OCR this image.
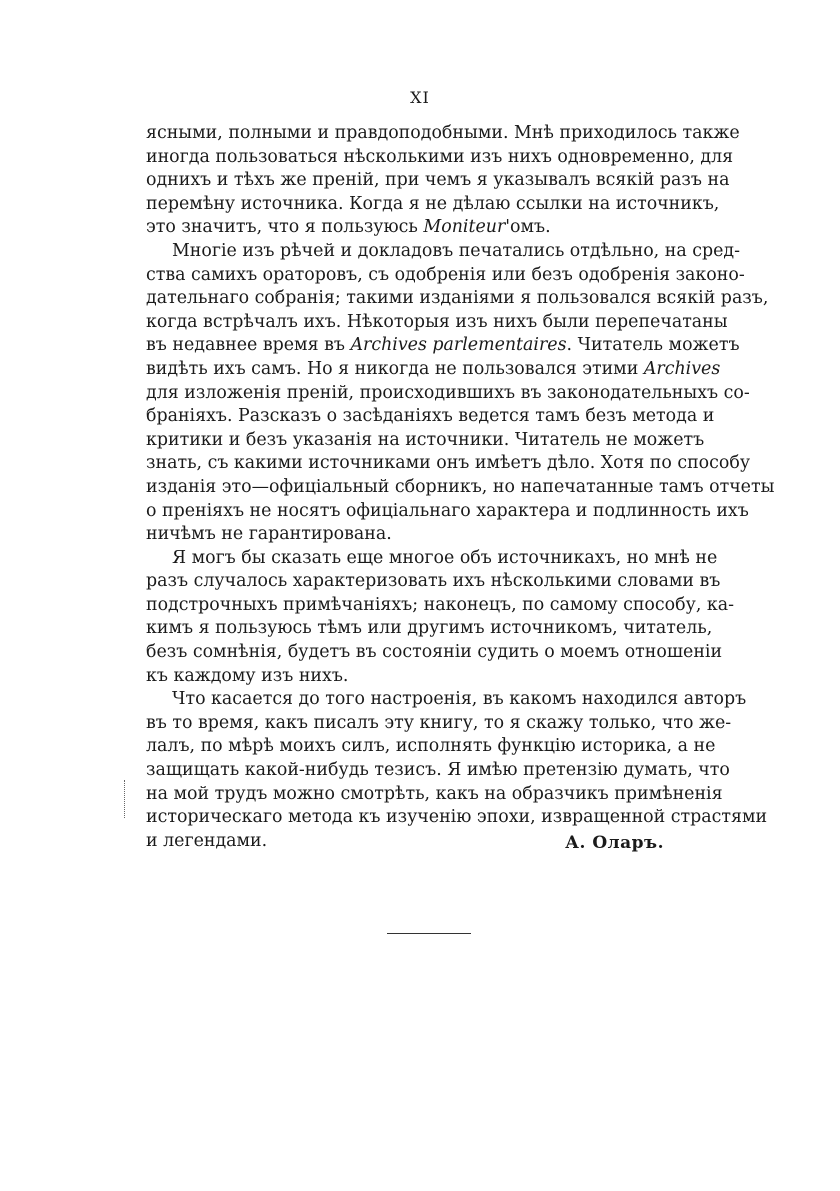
XI
ясными, полными и правдоподобными. Мнѣ приходилось также
иногда пользоваться нѣсколькими изъ нихъ одновременно, для
однихъ и тѣхъ же преній, при чемъ я указывалъ всякій разъ на
перемѣну источника. Когда я не дѣлаю ссылки на источникъ,
это значитъ, что я пользуюсь Moniteur'омъ.
Многіе изъ рѣчей и докладовъ печатались отдѣльно, на сред-
ства самихъ ораторовъ, съ одобренія или безъ одобренія законо-
дательнаго собранія; такими изданіями я пользовался всякій разъ,
когда встрѣчалъ ихъ. Нѣкоторыя изъ нихъ были перепечатаны
въ недавнее время въ Archives parlementaires. Читатель можетъ
видѣть ихъ самъ. Но я никогда не пользовался этими Archives
для изложенія преній, происходившихъ въ законодательныхъ со-
браніяхъ. Разсказъ о засѣданіяхъ ведется тамъ безъ метода и
критики и безъ указанія на источники. Читатель не можетъ
знать, съ какими источниками онъ имѣетъ дѣло. Хотя по способу
изданія это—офиціальный сборникъ, но напечатанные тамъ отчеты
о преніяхъ не носятъ офиціальнаго характера и подлинность ихъ
ничѣмъ не гарантирована.
Я могъ бы сказать еще многое объ источникахъ, но мнѣ не
разъ случалось характеризовать ихъ нѣсколькими словами въ
подстрочныхъ примѣчаніяхъ; наконецъ, по самому способу, ка-
кимъ я пользуюсь тѣмъ или другимъ источникомъ, читатель,
безъ сомнѣнія, будетъ въ состояніи судить о моемъ отношеніи
къ каждому изъ нихъ.
Что касается до того настроенія, въ какомъ находился авторъ
въ то время, какъ писалъ эту книгу, то я скажу только, что же-
лалъ, по мѣрѣ моихъ силъ, исполнять функцію историка, а не
защищать какой-нибудь тезисъ. Я имѣю претензію думать, что
на мой трудъ можно смотрѣть, какъ на образчикъ примѣненія
историческаго метода къ изученію эпохи, извращенной страстями
и легендами.	А. Оларъ.
